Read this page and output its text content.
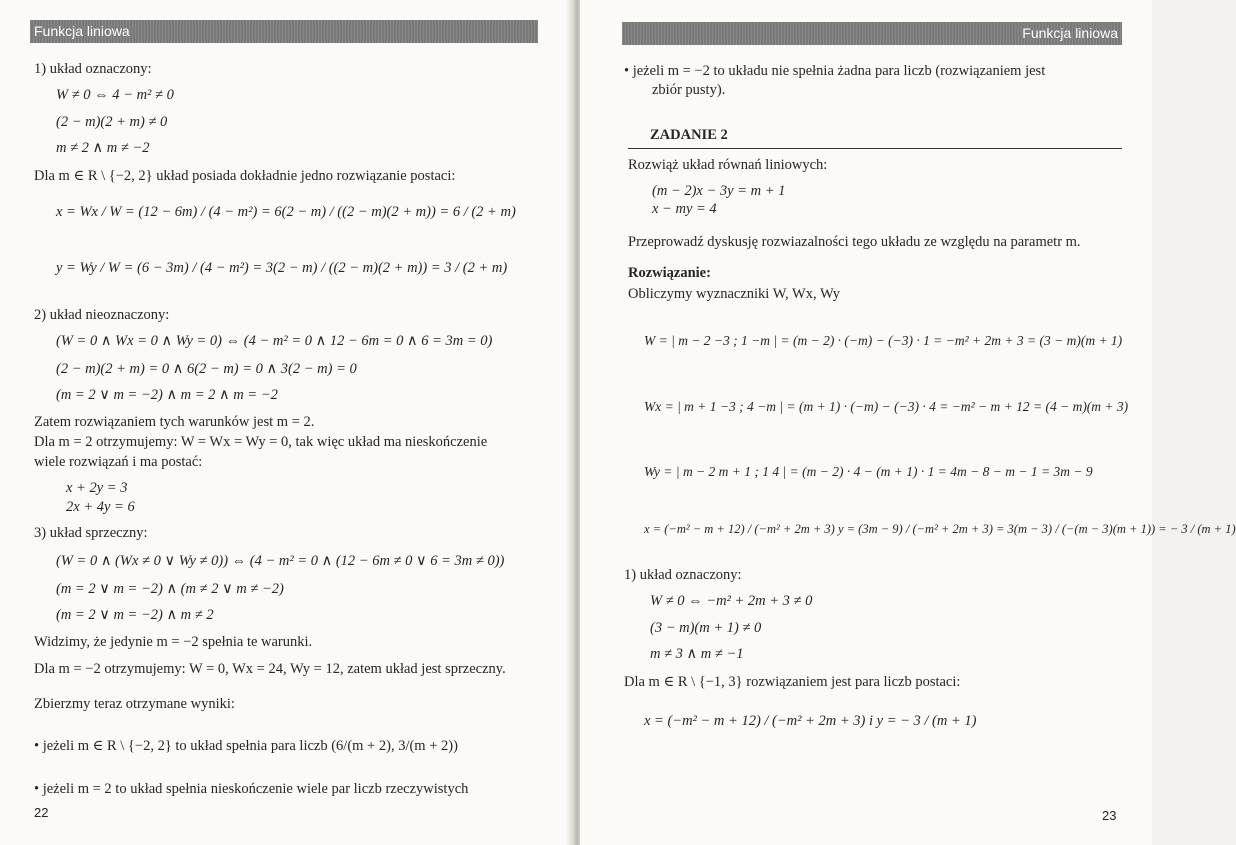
Funkcja liniowa
1) układ oznaczony:
W ≠ 0 ⇔ 4 − m² ≠ 0
(2 − m)(2 + m) ≠ 0
m ≠ 2 ∧ m ≠ −2
Dla m ∈ R \ {−2, 2} układ posiada dokładnie jedno rozwiązanie postaci:
x = Wx / W = (12 − 6m) / (4 − m²) = 6(2 − m) / ((2 − m)(2 + m)) = 6 / (2 + m)
y = Wy / W = (6 − 3m) / (4 − m²) = 3(2 − m) / ((2 − m)(2 + m)) = 3 / (2 + m)
2) układ nieoznaczony:
(W = 0 ∧ Wx = 0 ∧ Wy = 0) ⇔ (4 − m² = 0 ∧ 12 − 6m = 0 ∧ 6 = 3m = 0)
(2 − m)(2 + m) = 0 ∧ 6(2 − m) = 0 ∧ 3(2 − m) = 0
(m = 2 ∨ m = −2) ∧ m = 2 ∧ m = −2
Zatem rozwiązaniem tych warunków jest m = 2.
Dla m = 2 otrzymujemy: W = Wx = Wy = 0, tak więc układ ma nieskończenie
wiele rozwiązań i ma postać:
x + 2y = 3
2x + 4y = 6
3) układ sprzeczny:
(W = 0 ∧ (Wx ≠ 0 ∨ Wy ≠ 0)) ⇔ (4 − m² = 0 ∧ (12 − 6m ≠ 0 ∨ 6 = 3m ≠ 0))
(m = 2 ∨ m = −2) ∧ (m ≠ 2 ∨ m ≠ −2)
(m = 2 ∨ m = −2) ∧ m ≠ 2
Widzimy, że jedynie m = −2 spełnia te warunki.
Dla m = −2 otrzymujemy: W = 0, Wx = 24, Wy = 12, zatem układ jest sprzeczny.
Zbierzmy teraz otrzymane wyniki:
• jeżeli m ∈ R \ {−2, 2} to układ spełnia para liczb (6/(m + 2), 3/(m + 2))
• jeżeli m = 2 to układ spełnia nieskończenie wiele par liczb rzeczywistych
22
Funkcja liniowa
• jeżeli m = −2 to układu nie spełnia żadna para liczb (rozwiązaniem jest
zbiór pusty).
ZADANIE 2
Rozwiąż układ równań liniowych:
(m − 2)x − 3y = m + 1
x − my = 4
Przeprowadź dyskusję rozwiazalności tego układu ze względu na parametr m.
Rozwiązanie:
Obliczymy wyznaczniki W, Wx, Wy
W = | m − 2 −3 ; 1 −m | = (m − 2) · (−m) − (−3) · 1 = −m² + 2m + 3 = (3 − m)(m + 1)
Wx = | m + 1 −3 ; 4 −m | = (m + 1) · (−m) − (−3) · 4 = −m² − m + 12 = (4 − m)(m + 3)
Wy = | m − 2 m + 1 ; 1 4 | = (m − 2) · 4 − (m + 1) · 1 = 4m − 8 − m − 1 = 3m − 9
x = (−m² − m + 12) / (−m² + 2m + 3) y = (3m − 9) / (−m² + 2m + 3) = 3(m − 3) / (−(m − 3)(m + 1)) = − 3 / (m + 1)
1) układ oznaczony:
W ≠ 0 ⇔ −m² + 2m + 3 ≠ 0
(3 − m)(m + 1) ≠ 0
m ≠ 3 ∧ m ≠ −1
Dla m ∈ R \ {−1, 3} rozwiązaniem jest para liczb postaci:
x = (−m² − m + 12) / (−m² + 2m + 3) i y = − 3 / (m + 1)
23
